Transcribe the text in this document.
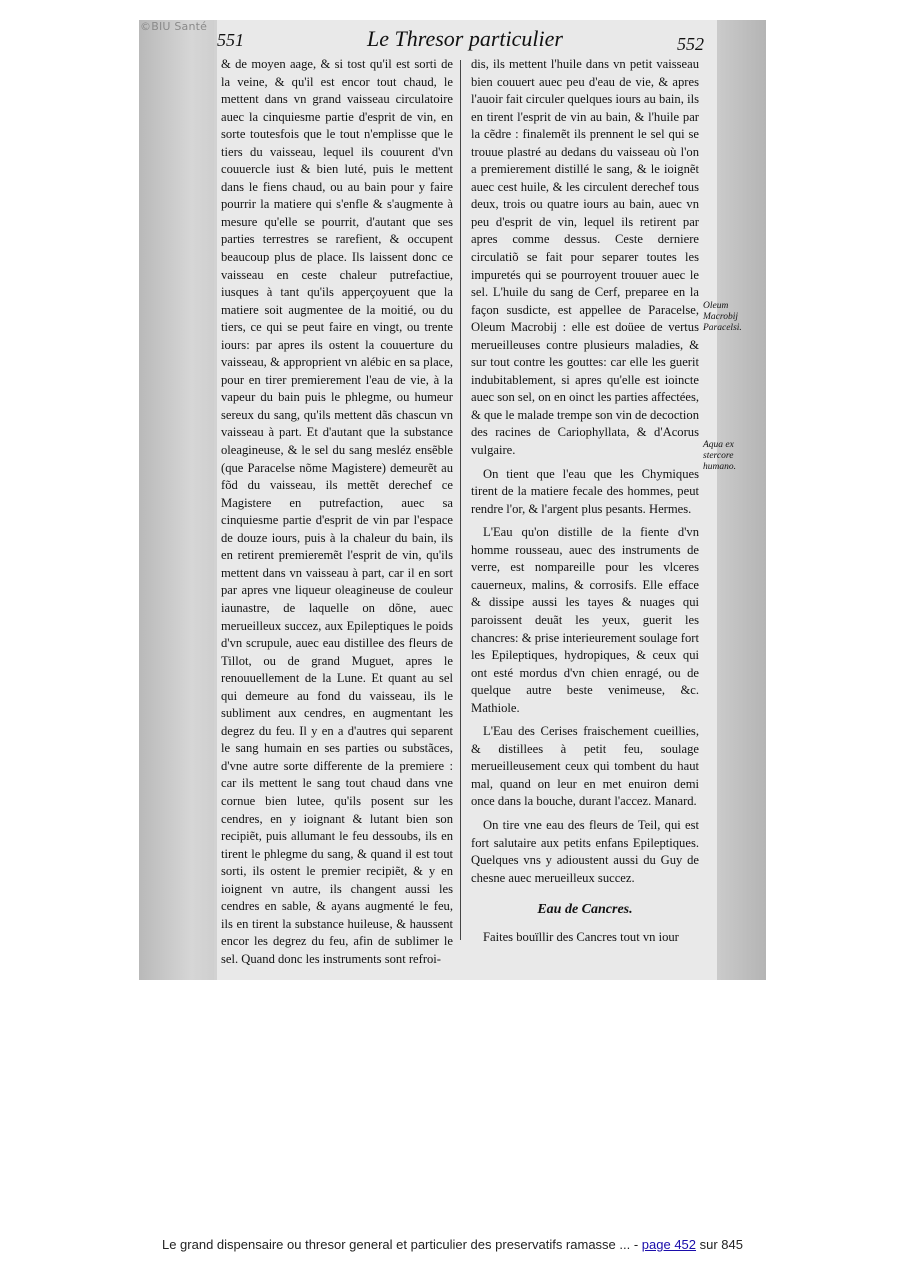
©BIU Santé
551	Le Thresor particulier	552

& de moyen aage, & si tost qu'il est sorti de la veine, & qu'il est encor tout chaud, le mettent dans vn grand vaisseau circulatoire auec la cinquiesme partie d'esprit de vin, en sorte toutesfois que le tout n'emplisse que le tiers du vaisseau, lequel ils couurent d'vn couuercle iust & bien luté, puis le mettent dans le fiens chaud, ou au bain pour y faire pourrir la matiere qui s'enfle & s'augmente à mesure qu'elle se pourrit, d'autant que ses parties terrestres se rarefient, & occupent beaucoup plus de place. Ils laissent donc ce vaisseau en ceste chaleur putrefactiue, iusques à tant qu'ils apperçoyuent que la matiere soit augmentee de la moitié, ou du tiers, ce qui se peut faire en vingt, ou trente iours: par apres ils ostent la couuerture du vaisseau, & approprient vn alébic en sa place, pour en tirer premierement l'eau de vie, à la vapeur du bain puis le phlegme, ou humeur sereux du sang, qu'ils mettent dãs chascun vn vaisseau à part. Et d'autant que la substance oleagineuse, & le sel du sang mesléz ensẽble (que Paracelse nõme Magistere) demeurẽt au fõd du vaisseau, ils mettẽt derechef ce Magistere en putrefaction, auec sa cinquiesme partie d'esprit de vin par l'espace de douze iours, puis à la chaleur du bain, ils en retirent premieremẽt l'esprit de vin, qu'ils mettent dans vn vaisseau à part, car il en sort par apres vne liqueur oleagineuse de couleur iaunastre, de laquelle on dõne, auec merueilleux succez, aux Epileptiques le poids d'vn scrupule, auec eau distillee des fleurs de Tillot, ou de grand Muguet, apres le renouuellement de la Lune. Et quant au sel qui demeure au fond du vaisseau, ils le subliment aux cendres, en augmentant les degrez du feu. Il y en a d'autres qui separent le sang humain en ses parties ou substãces, d'vne autre sorte differente de la premiere : car ils mettent le sang tout chaud dans vne cornue bien lutee, qu'ils posent sur les cendres, en y ioignant & lutant bien son recipiẽt, puis allumant le feu dessoubs, ils en tirent le phlegme du sang, & quand il est tout sorti, ils ostent le premier recipiẽt, & y en ioignent vn autre, ils changent aussi les cendres en sable, & ayans augmenté le feu, ils en tirent la substance huileuse, & haussent encor les degrez du feu, afin de sublimer le sel. Quand donc les instruments sont refroi-

dis, ils mettent l'huile dans vn petit vaisseau bien couuert auec peu d'eau de vie, & apres l'auoir fait circuler quelques iours au bain, ils en tirent l'esprit de vin au bain, & l'huile par la cẽdre : finalemẽt ils prennent le sel qui se trouue plastré au dedans du vaisseau où l'on a premierement distillé le sang, & le ioignẽt auec cest huile, & les circulent derechef tous deux, trois ou quatre iours au bain, auec vn peu d'esprit de vin, lequel ils retirent par apres comme dessus. Ceste derniere circulatiõ se fait pour separer toutes les impuretés qui se pourroyent trouuer auec le sel. L'huile du sang de Cerf, preparee en la façon susdicte, est appellee de Paracelse, Oleum Macrobij : elle est doüee de vertus merueilleuses contre plusieurs maladies, & sur tout contre les gouttes: car elle les guerit indubitablement, si apres qu'elle est ioincte auec son sel, on en oinct les parties affectées, & que le malade trempe son vin de decoction des racines de Cariophyllata, & d'Acorus vulgaire.

On tient que l'eau que les Chymiques tirent de la matiere fecale des hommes, peut rendre l'or, & l'argent plus pesants. Hermes.

L'Eau qu'on distille de la fiente d'vn homme rousseau, auec des instruments de verre, est nompareille pour les vlceres cauerneux, malins, & corrosifs. Elle efface & dissipe aussi les tayes & nuages qui paroissent deuãt les yeux, guerit les chancres: & prise interieurement soulage fort les Epileptiques, hydropiques, & ceux qui ont esté mordus d'vn chien enragé, ou de quelque autre beste venimeuse, &c. Mathiole.

L'Eau des Cerises fraischement cueillies, & distillees à petit feu, soulage merueilleusement ceux qui tombent du haut mal, quand on leur en met enuiron demi once dans la bouche, durant l'accez. Manard.

On tire vne eau des fleurs de Teil, qui est fort salutaire aux petits enfans Epileptiques. Quelques vns y adioustent aussi du Guy de chesne auec merueilleux succez.

Eau de Cancres.

Faites bouïllir des Cancres tout vn iour

Oleum Macrobij Paracelsi.
Aqua ex stercore humano.
Le grand dispensaire ou thresor general et particulier des preservatifs ramasse ... - page 452 sur 845
